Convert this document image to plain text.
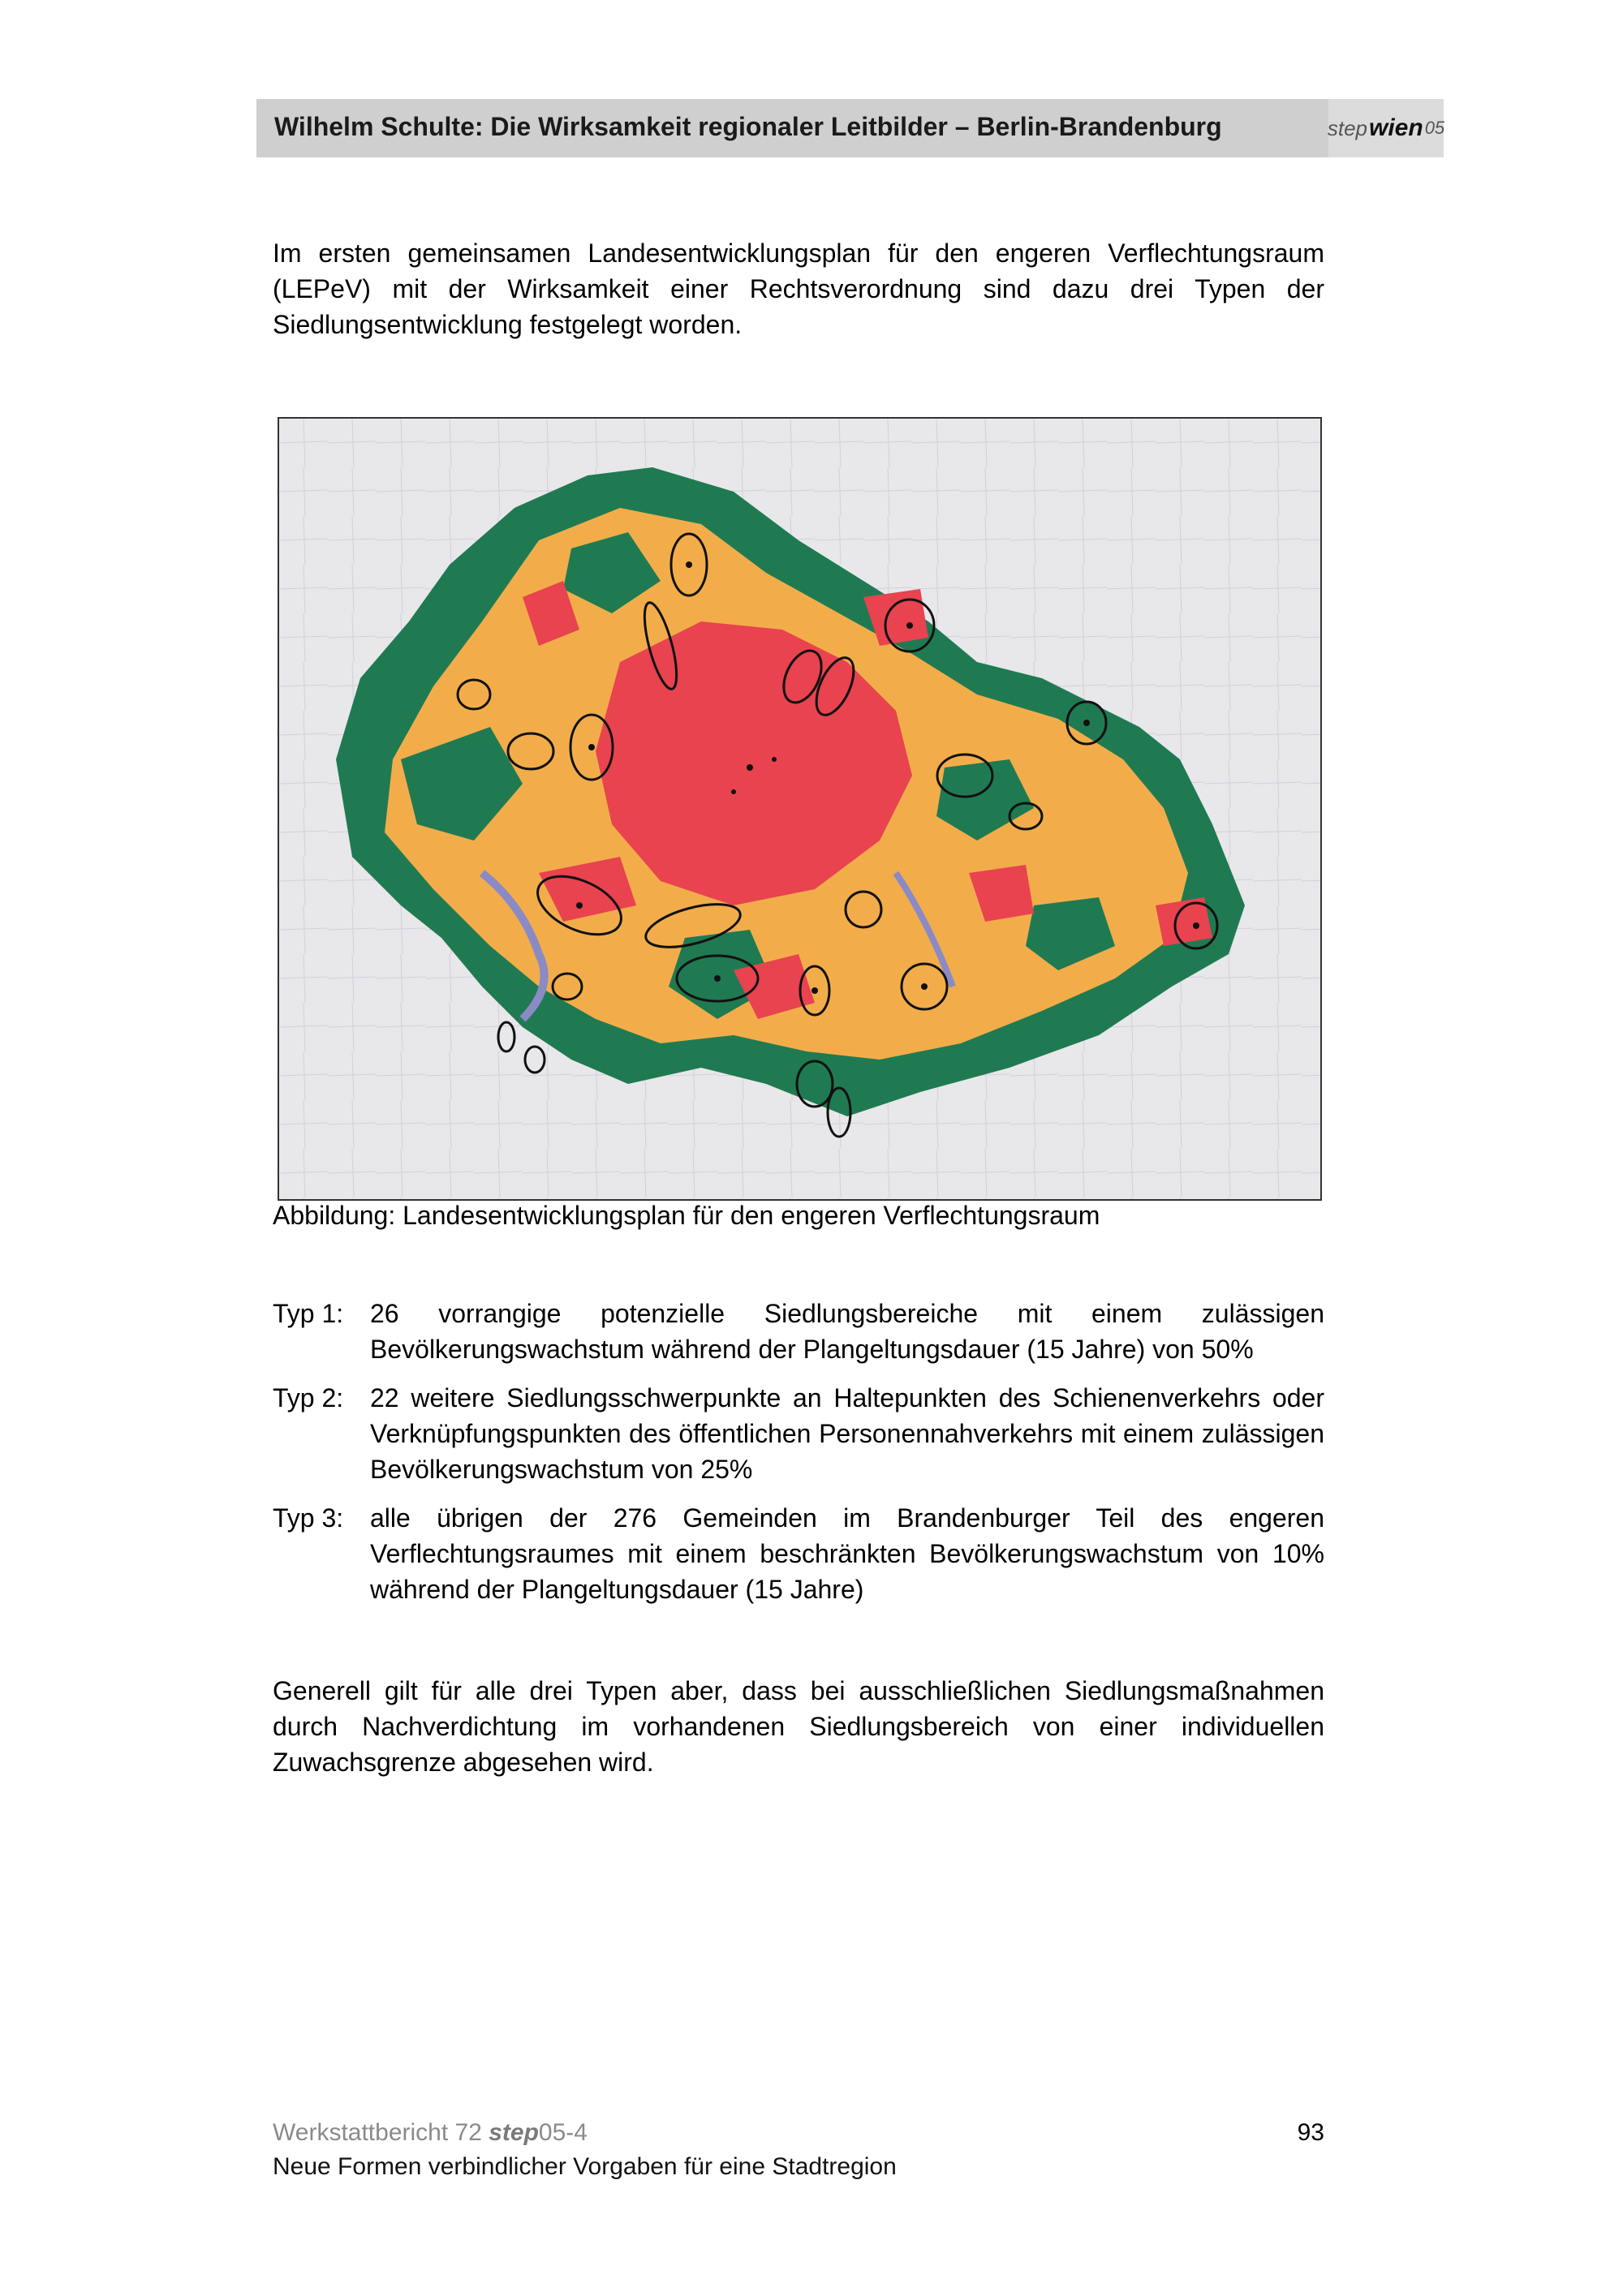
Wilhelm Schulte: Die Wirksamkeit regionaler Leitbilder – Berlin-Brandenburg	step wien 05

Im ersten gemeinsamen Landesentwicklungsplan für den engeren Verflechtungsraum (LEPeV) mit der Wirksamkeit einer Rechtsverordnung sind dazu drei Typen der Siedlungsentwicklung festgelegt worden.

Abbildung: Landesentwicklungsplan für den engeren Verflechtungsraum
Typ 1: 26 vorrangige potenzielle Siedlungsbereiche mit einem zulässigen Bevölkerungswachstum während der Plangeltungsdauer (15 Jahre) von 50%
Typ 2: 22 weitere Siedlungsschwerpunkte an Haltepunkten des Schienenverkehrs oder Verknüpfungspunkten des öffentlichen Personennahverkehrs mit einem zulässigen Bevölkerungswachstum von 25%
Typ 3: alle übrigen der 276 Gemeinden im Brandenburger Teil des engeren Verflechtungsraumes mit einem beschränkten Bevölkerungswachstum von 10% während der Plangeltungsdauer (15 Jahre)

Generell gilt für alle drei Typen aber, dass bei ausschließlichen Siedlungsmaßnahmen durch Nachverdichtung im vorhandenen Siedlungsbereich von einer individuellen Zuwachsgrenze abgesehen wird.

Werkstattbericht 72 step05-4
Neue Formen verbindlicher Vorgaben für eine Stadtregion
93
